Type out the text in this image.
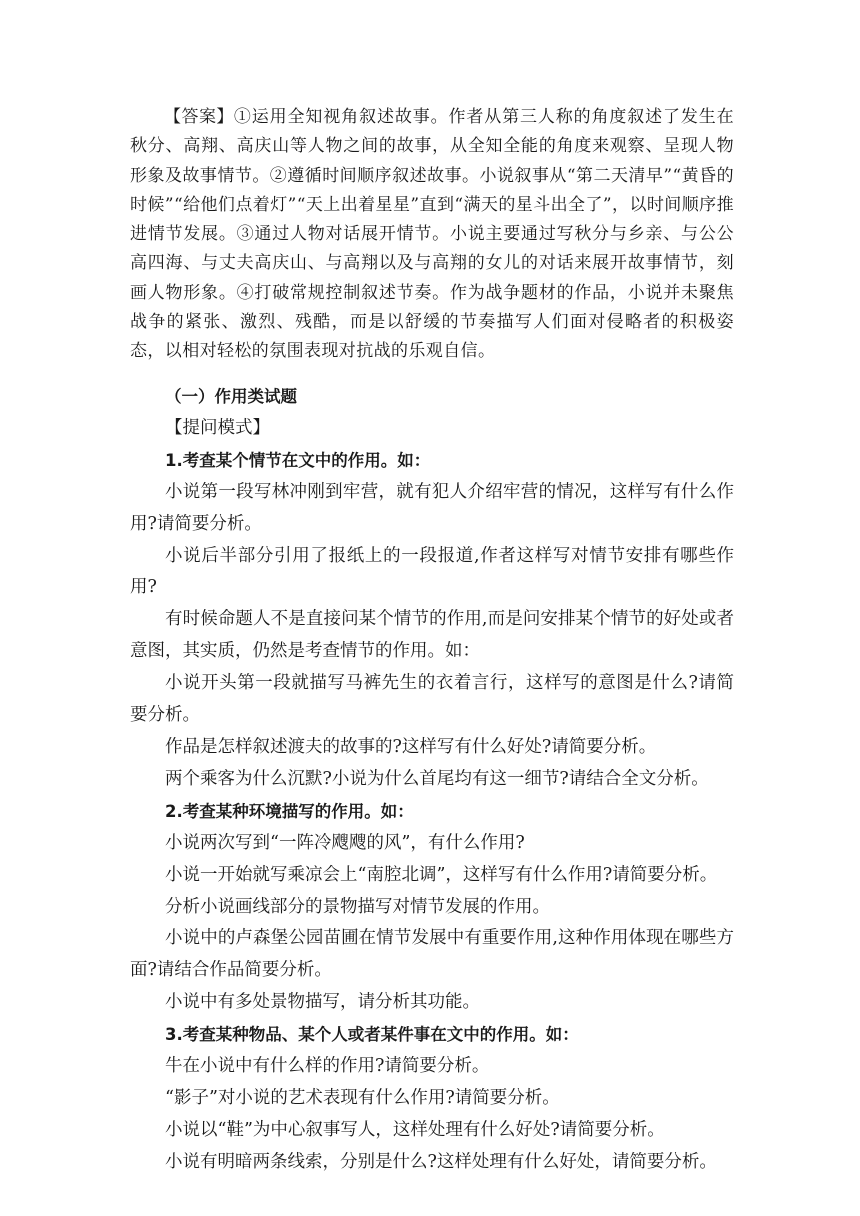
【答案】①运用全知视角叙述故事。作者从第三人称的角度叙述了发生在秋分、高翔、高庆山等人物之间的故事，从全知全能的角度来观察、呈现人物形象及故事情节。②遵循时间顺序叙述故事。小说叙事从“第二天清早”“黄昏的时候”“给他们点着灯”“天上出着星星”直到“满天的星斗出全了”，以时间顺序推进情节发展。③通过人物对话展开情节。小说主要通过写秋分与乡亲、与公公高四海、与丈夫高庆山、与高翔以及与高翔的女儿的对话来展开故事情节，刻画人物形象。④打破常规控制叙述节奏。作为战争题材的作品，小说并未聚焦战争的紧张、激烈、残酷，而是以舒缓的节奏描写人们面对侵略者的积极姿态，以相对轻松的氛围表现对抗战的乐观自信。

（一）作用类试题

【提问模式】

1.考查某个情节在文中的作用。如：

小说第一段写林冲刚到牢营，就有犯人介绍牢营的情况，这样写有什么作用?请简要分析。

小说后半部分引用了报纸上的一段报道,作者这样写对情节安排有哪些作用?

有时候命题人不是直接问某个情节的作用,而是问安排某个情节的好处或者意图，其实质，仍然是考查情节的作用。如：

小说开头第一段就描写马裤先生的衣着言行，这样写的意图是什么?请简要分析。

作品是怎样叙述渡夫的故事的?这样写有什么好处?请简要分析。

两个乘客为什么沉默?小说为什么首尾均有这一细节?请结合全文分析。

2.考查某种环境描写的作用。如：

小说两次写到“一阵冷飕飕的风”，有什么作用?

小说一开始就写乘凉会上“南腔北调”，这样写有什么作用?请简要分析。

分析小说画线部分的景物描写对情节发展的作用。

小说中的卢森堡公园苗圃在情节发展中有重要作用,这种作用体现在哪些方面?请结合作品简要分析。

小说中有多处景物描写，请分析其功能。

3.考查某种物品、某个人或者某件事在文中的作用。如：

牛在小说中有什么样的作用?请简要分析。

“影子”对小说的艺术表现有什么作用?请简要分析。

小说以“鞋”为中心叙事写人，这样处理有什么好处?请简要分析。

小说有明暗两条线索，分别是什么?这样处理有什么好处，请简要分析。
